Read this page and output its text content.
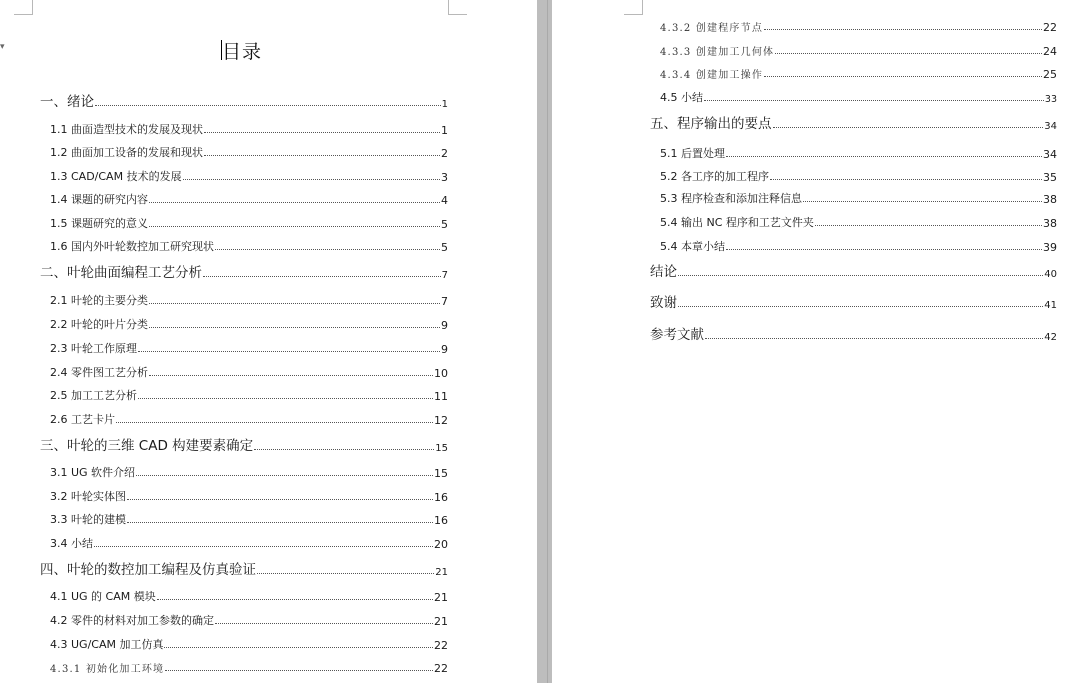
▾	目录
一、绪论	1
1.1 曲面造型技术的发展及现状	1
1.2 曲面加工设备的发展和现状	2
1.3 CAD/CAM 技术的发展	3
1.4 课题的研究内容	4
1.5 课题研究的意义	5
1.6 国内外叶轮数控加工研究现状	5
二、叶轮曲面编程工艺分析	7
2.1 叶轮的主要分类	7
2.2 叶轮的叶片分类	9
2.3 叶轮工作原理	9
2.4 零件图工艺分析	10
2.5 加工工艺分析	11
2.6 工艺卡片	12
三、叶轮的三维 CAD 构建要素确定	15
3.1 UG 软件介绍	15
3.2 叶轮实体图	16
3.3 叶轮的建模	16
3.4 小结	20
四、叶轮的数控加工编程及仿真验证	21
4.1 UG 的 CAM 模块	21
4.2 零件的材料对加工参数的确定	21
4.3 UG/CAM 加工仿真	22
4.3.1 初始化加工环境	22
4.3.2 创建程序节点	22
4.3.3 创建加工几何体	24
4.3.4 创建加工操作	25
4.5 小结	33
五、程序输出的要点	34
5.1 后置处理	34
5.2 各工序的加工程序	35
5.3 程序检查和添加注释信息	38
5.4 输出 NC 程序和工艺文件夹	38
5.4 本章小结	39
结论	40
致谢	41
参考文献	42
